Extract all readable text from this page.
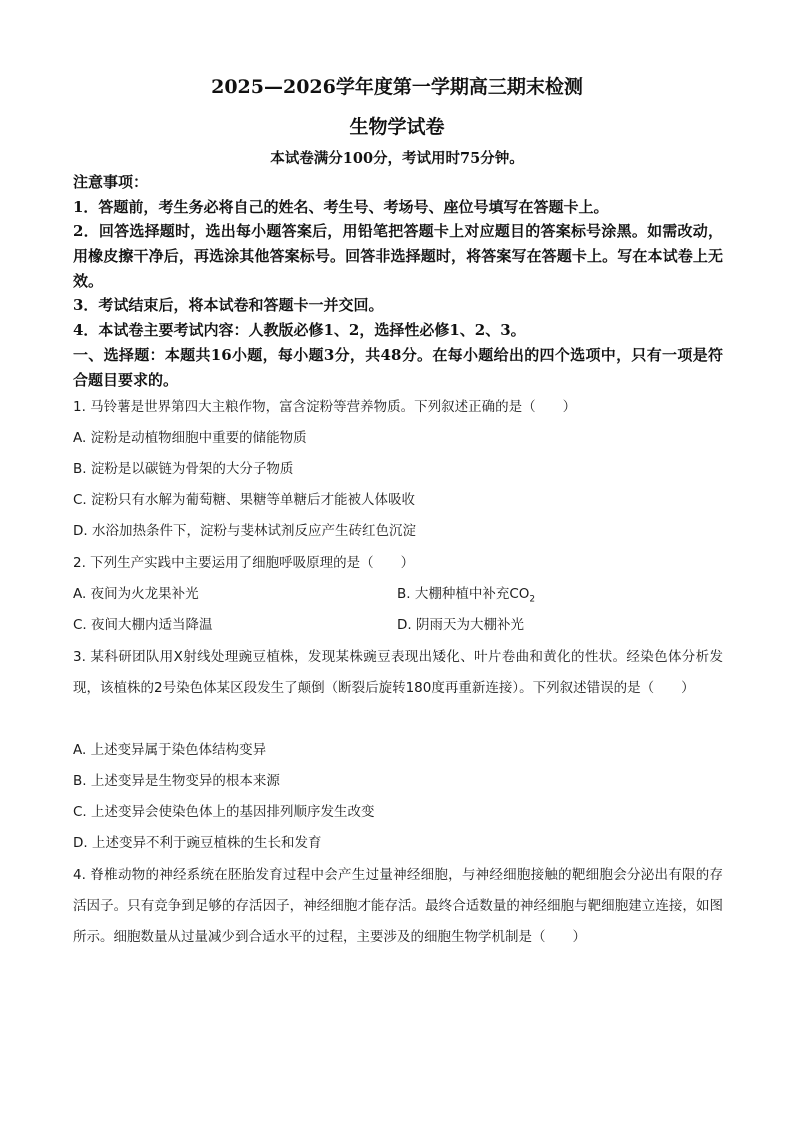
2025—2026学年度第一学期高三期末检测
生物学试卷
本试卷满分100分，考试用时75分钟。
注意事项：
1．答题前，考生务必将自己的姓名、考生号、考场号、座位号填写在答题卡上。
2．回答选择题时，选出每小题答案后，用铅笔把答题卡上对应题目的答案标号涂黑。如需改动，用橡皮擦干净后，再选涂其他答案标号。回答非选择题时，将答案写在答题卡上。写在本试卷上无效。
3．考试结束后，将本试卷和答题卡一并交回。
4．本试卷主要考试内容：人教版必修1、2，选择性必修1、2、3。
一、选择题：本题共16小题，每小题3分，共48分。在每小题给出的四个选项中，只有一项是符合题目要求的。
1. 马铃薯是世界第四大主粮作物，富含淀粉等营养物质。下列叙述正确的是（　　）
A. 淀粉是动植物细胞中重要的储能物质
B. 淀粉是以碳链为骨架的大分子物质
C. 淀粉只有水解为葡萄糖、果糖等单糖后才能被人体吸收
D. 水浴加热条件下，淀粉与斐林试剂反应产生砖红色沉淀
2. 下列生产实践中主要运用了细胞呼吸原理的是（　　）
A. 夜间为火龙果补光	B. 大棚种植中补充$CO_2$
C. 夜间大棚内适当降温	D. 阴雨天为大棚补光
3. 某科研团队用X射线处理豌豆植株，发现某株豌豆表现出矮化、叶片卷曲和黄化的性状。经染色体分析发现，该植株的2号染色体某区段发生了颠倒（断裂后旋转180度再重新连接）。下列叙述错误的是（　　）
A. 上述变异属于染色体结构变异
B. 上述变异是生物变异的根本来源
C. 上述变异会使染色体上的基因排列顺序发生改变
D. 上述变异不利于豌豆植株的生长和发育
4. 脊椎动物的神经系统在胚胎发育过程中会产生过量神经细胞，与神经细胞接触的靶细胞会分泌出有限的存活因子。只有竞争到足够的存活因子，神经细胞才能存活。最终合适数量的神经细胞与靶细胞建立连接，如图所示。细胞数量从过量减少到合适水平的过程，主要涉及的细胞生物学机制是（　　）
